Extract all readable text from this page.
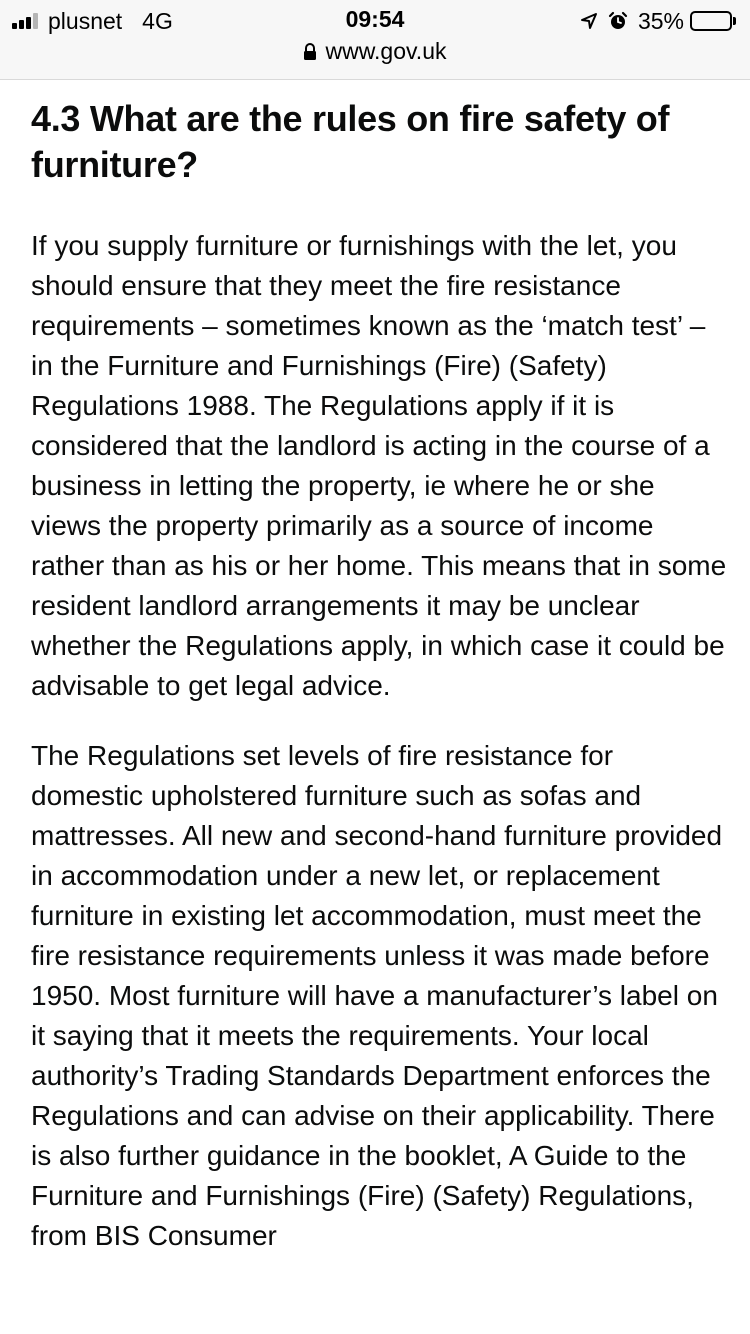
plusnet 4G	09:54	35%
www.gov.uk
4.3 What are the rules on fire safety of furniture?

If you supply furniture or furnishings with the let, you should ensure that they meet the fire resistance requirements – sometimes known as the ‘match test’ – in the Furniture and Furnishings (Fire) (Safety) Regulations 1988. The Regulations apply if it is considered that the landlord is acting in the course of a business in letting the property, ie where he or she views the property primarily as a source of income rather than as his or her home. This means that in some resident landlord arrangements it may be unclear whether the Regulations apply, in which case it could be advisable to get legal advice.

The Regulations set levels of fire resistance for domestic upholstered furniture such as sofas and mattresses. All new and second-hand furniture provided in accommodation under a new let, or replacement furniture in existing let accommodation, must meet the fire resistance requirements unless it was made before 1950. Most furniture will have a manufacturer’s label on it saying that it meets the requirements. Your local authority’s Trading Standards Department enforces the Regulations and can advise on their applicability. There is also further guidance in the booklet, A Guide to the Furniture and Furnishings (Fire) (Safety) Regulations, from BIS Consumer
